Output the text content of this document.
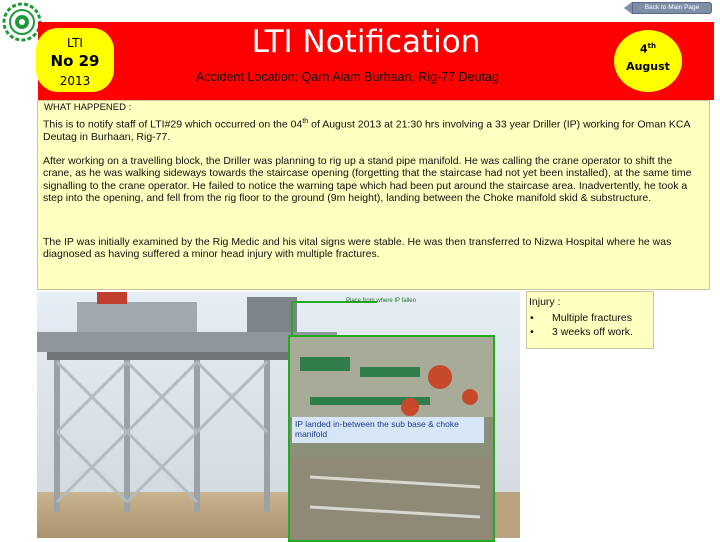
Back to Main Page
LTI
No 29
2013
LTI Notification
Accident Location: Qarn Alam Burhaan, Rig-77 Deutag
4th
August
WHAT HAPPENED :

This is to notify staff of LTI#29 which occurred on the 04th of August 2013 at 21:30 hrs involving a 33 year Driller (IP) working for Oman KCA Deutag in Burhaan, Rig-77.

After working on a travelling block, the Driller was planning to rig up a stand pipe manifold. He was calling the crane operator to shift the crane, as he was walking sideways towards the staircase opening (forgetting that the staircase had not yet been installed), at the same time signalling to the crane operator. He failed to notice the warning tape which had been put around the staircase area. Inadvertently, he took a step into the opening, and fell from the rig floor to the ground (9m height), landing between the Choke manifold skid & substructure.

The IP was initially examined by the Rig Medic and his vital signs were stable. He was then transferred to Nizwa Hospital where he was diagnosed as having suffered a minor head injury with multiple fractures.

Place from where IP fallen
IP landed in-between the sub base & choke manifold
Injury :
• Multiple fractures
• 3 weeks off work.
